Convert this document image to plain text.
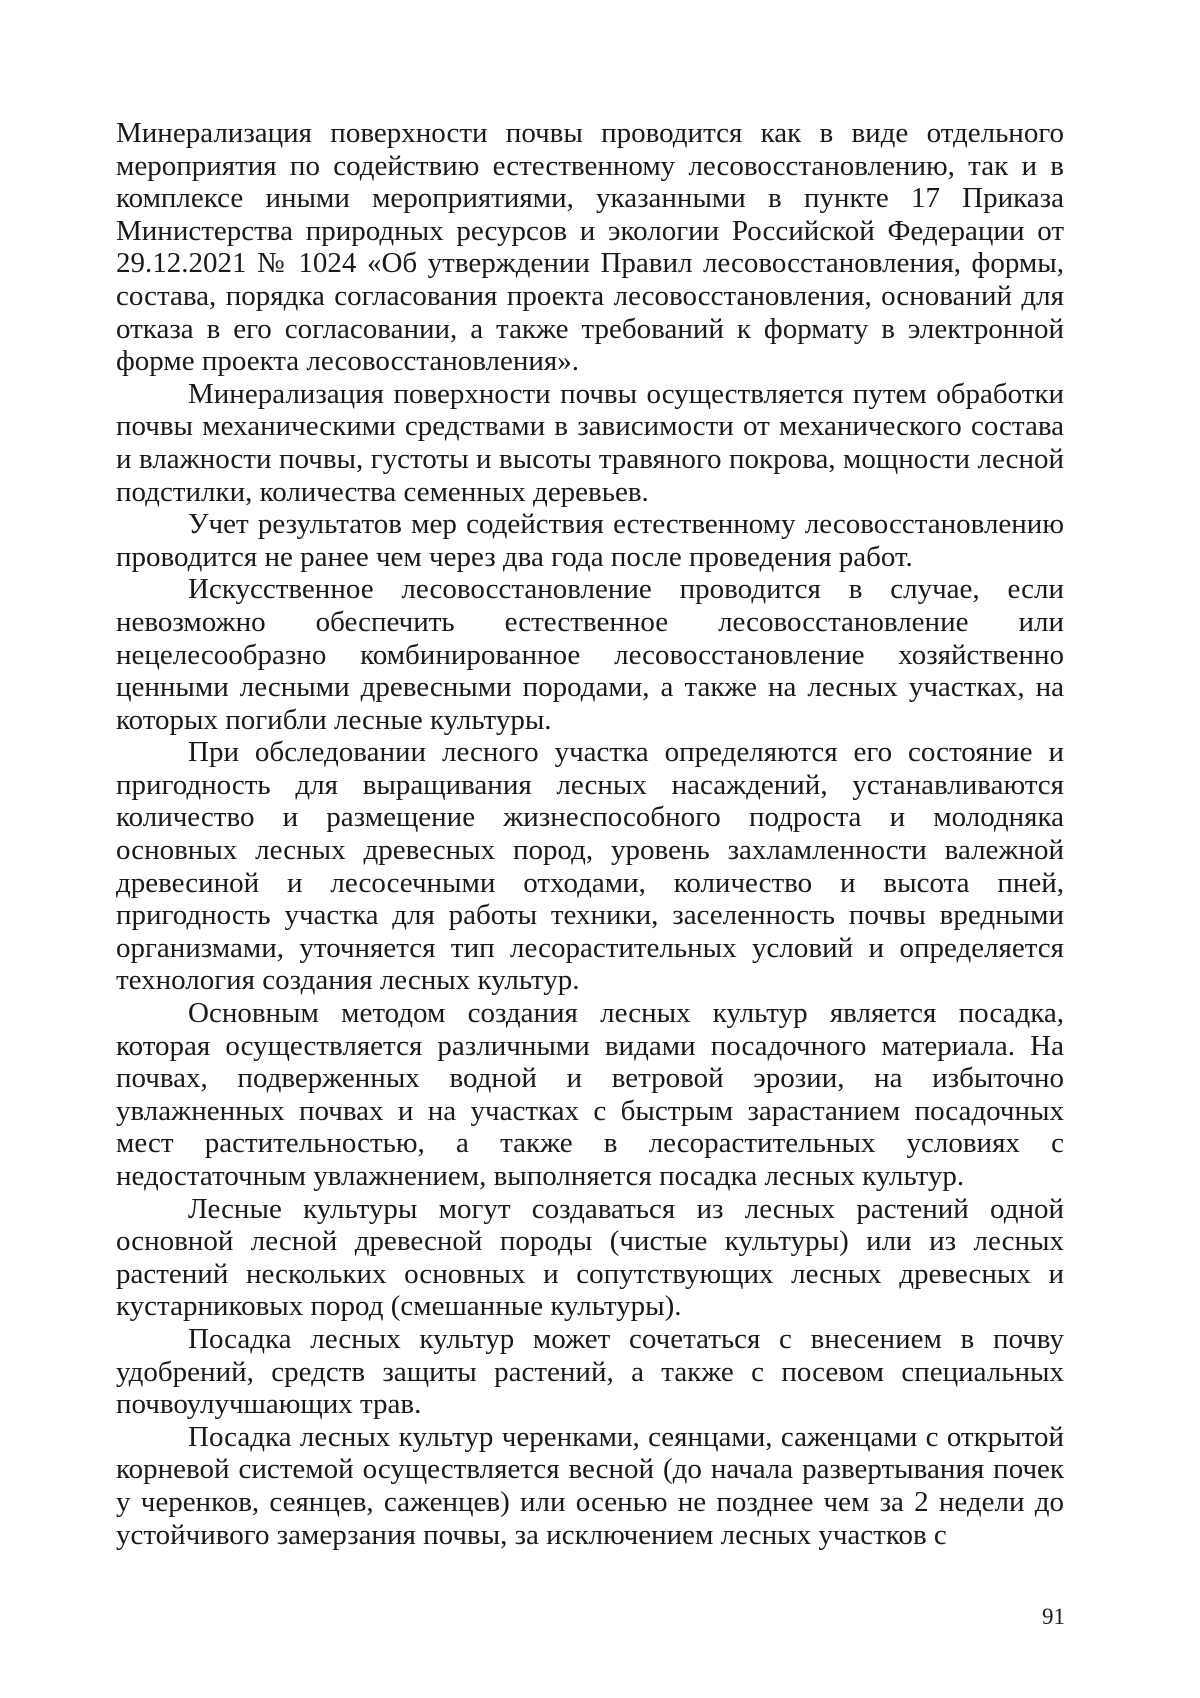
Минерализация поверхности почвы проводится как в виде отдельного мероприятия по содействию естественному лесовосстановлению, так и в комплексе иными мероприятиями, указанными в пункте 17 Приказа Министерства природных ресурсов и экологии Российской Федерации от 29.12.2021 № 1024 «Об утверждении Правил лесовосстановления, формы, состава, порядка согласования проекта лесовосстановления, оснований для отказа в его согласовании, а также требований к формату в электронной форме проекта лесовосстановления».

Минерализация поверхности почвы осуществляется путем обработки почвы механическими средствами в зависимости от механического состава и влажности почвы, густоты и высоты травяного покрова, мощности лесной подстилки, количества семенных деревьев.

Учет результатов мер содействия естественному лесовосстановлению проводится не ранее чем через два года после проведения работ.

Искусственное лесовосстановление проводится в случае, если невозможно обеспечить естественное лесовосстановление или нецелесообразно комбинированное лесовосстановление хозяйственно ценными лесными древесными породами, а также на лесных участках, на которых погибли лесные культуры.

При обследовании лесного участка определяются его состояние и пригодность для выращивания лесных насаждений, устанавливаются количество и размещение жизнеспособного подроста и молодняка основных лесных древесных пород, уровень захламленности валежной древесиной и лесосечными отходами, количество и высота пней, пригодность участка для работы техники, заселенность почвы вредными организмами, уточняется тип лесорастительных условий и определяется технология создания лесных культур.

Основным методом создания лесных культур является посадка, которая осуществляется различными видами посадочного материала. На почвах, подверженных водной и ветровой эрозии, на избыточно увлажненных почвах и на участках с быстрым зарастанием посадочных мест растительностью, а также в лесорастительных условиях с недостаточным увлажнением, выполняется посадка лесных культур.

Лесные культуры могут создаваться из лесных растений одной основной лесной древесной породы (чистые культуры) или из лесных растений нескольких основных и сопутствующих лесных древесных и кустарниковых пород (смешанные культуры).

Посадка лесных культур может сочетаться с внесением в почву удобрений, средств защиты растений, а также с посевом специальных почвоулучшающих трав.

Посадка лесных культур черенками, сеянцами, саженцами с открытой корневой системой осуществляется весной (до начала развертывания почек у черенков, сеянцев, саженцев) или осенью не позднее чем за 2 недели до устойчивого замерзания почвы, за исключением лесных участков с

91
